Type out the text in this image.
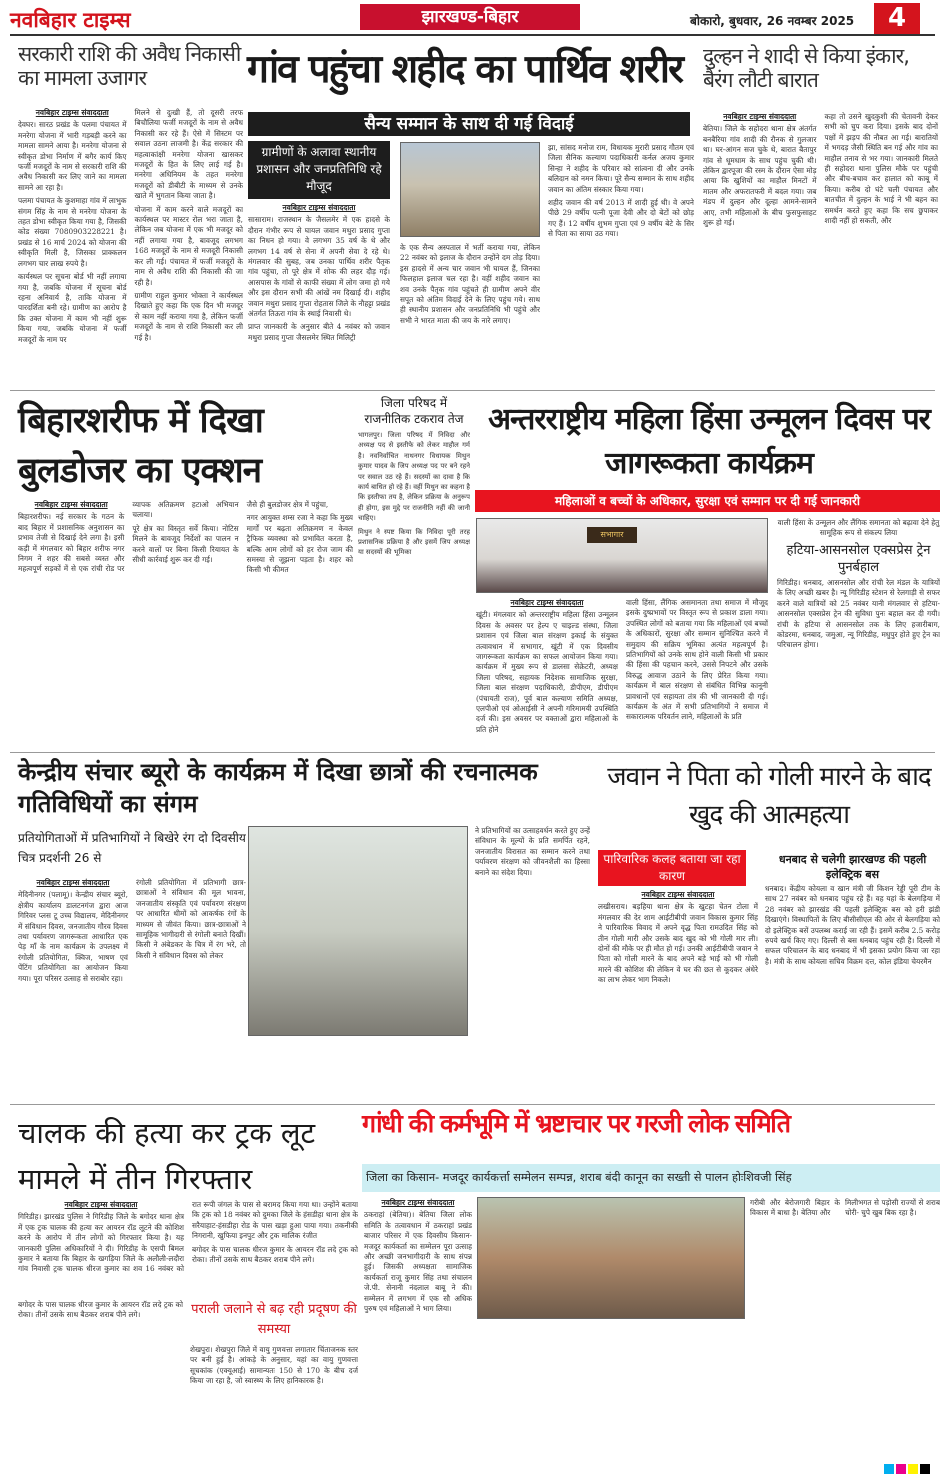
नवबिहार टाइम्स	झारखण्ड-बिहार	बोकारो, बुधवार, 26 नवम्बर 2025	4
सरकारी राशि की अवैध निकासी का मामला उजागर
नवबिहार टाइम्स संवाददाता

देवघर। सारठ प्रखंड के पलमा पंचायत में मनरेगा योजना में भारी गड़बड़ी करने का मामला सामने आया है। मनरेगा योजना से स्वीकृत डोभा निर्माण में बगैर कार्य किए फर्जी मजदूरों के नाम से सरकारी राशि की अवैध निकासी कर लिए जाने का मामला सामने आ रहा है।

पलमा पंचायत के कुशमाहा गांव में लाभुक संगम सिंह के नाम से मनरेगा योजना के तहत डोभा स्वीकृत किया गया है, जिसकी कोड संख्या 7080903228221 है। प्रखंड से 16 मार्च 2024 को योजना की स्वीकृति मिली है, जिसका प्राक्कलन लगभग चार लाख रुपये है।

कार्यस्थल पर सूचना बोर्ड भी नहीं लगाया गया है, जबकि योजना में सूचना बोर्ड रहना अनिवार्य है, ताकि योजना में पारदर्शिता बनी रहे। ग्रामीण का आरोप है कि उक्त योजना में काम भी नहीं शुरू किया गया, जबकि योजना में फर्जी मजदूरों के नाम पर

मिलने से दुःखी हैं, तो दूसरी तरफ बिचौलिया फर्जी मजदूरों के नाम से अवैध निकासी कर रहे हैं। ऐसे में सिस्टम पर सवाल उठना लाजमी है। केंद्र सरकार की महत्वाकांक्षी मनरेगा योजना खासकर मजदूरों के हित के लिए लाई गई है। मनरेगा अधिनियम के तहत मनरेगा मजदूरों को डीबीटी के माध्यम से उनके खाते में भुगतान किया जाता है।

योजना में काम करने वाले मजदूरों का कार्यस्थल पर मास्टर रोल भरा जाता है, लेकिन जब योजना में एक भी मजदूर को नहीं लगाया गया है, बावजूद लगभग 168 मजदूरों के नाम से मजदूरी निकासी कर ली गई। पंचायत में फर्जी मजदूरों के नाम से अवैध राशि की निकासी की जा रही है।

ग्रामीण राहुल कुमार भोक्ता ने कार्यस्थल दिखाते हुए कहा कि एक दिन भी मजदूर से काम नहीं कराया गया है, लेकिन फर्जी मजदूरों के नाम से राशि निकासी कर ली गई है।

गांव पहुंचा शहीद का पार्थिव शरीर
सैन्य सम्मान के साथ दी गई विदाई
ग्रामीणों के अलावा स्थानीय प्रशासन और जनप्रतिनिधि रहे मौजूद
नवबिहार टाइम्स संवाददाता

सासाराम। राजस्थान के जैसलमेर में एक हादसे के दौरान गंभीर रूप से घायल जवान मथुरा प्रसाद गुप्ता का निधन हो गया। वे लगभग 35 वर्ष के थे और लगभग 14 वर्ष से सेना में अपनी सेवा दे रहे थे। मंगलवार की सुबह, जब उनका पार्थिव शरीर पैतृक गांव पहुंचा, तो पूरे क्षेत्र में शोक की लहर दौड़ गई। आसपास के गांवों से काफी संख्या में लोग जमा हो गये और इस दौरान सभी की आंखें नम दिखाई दी। शहीद जवान मथुरा प्रसाद गुप्ता रोहतास जिले के नौहट्टा प्रखंड अंतर्गत तिऊरा गांव के स्थाई निवासी थे।

प्राप्त जानकारी के अनुसार बीते 4 नवंबर को जवान मथुरा प्रसाद गुप्ता जैसलमेर स्थित मिलिट्री

के एक सैन्य अस्पताल में भर्ती कराया गया, लेकिन 22 नवंबर को इलाज के दौरान उन्होंने दम तोड़ दिया। इस हादसे में अन्य चार जवान भी घायल हैं, जिनका फिलहाल इलाज चल रहा है। वहीं शहीद जवान का शव उनके पैतृक गांव पहुंचते ही ग्रामीण अपने वीर सपूत को अंतिम विदाई देने के लिए पहुंच गये। साथ ही स्थानीय प्रशासन और जनप्रतिनिधि भी पहुंचे और सभी ने भारत माता की जय के नारे लगाए।

झा, सांसद मनोज राम, विधायक मुरारी प्रसाद गौतम एवं जिला सैनिक कल्याण पदाधिकारी कर्नल अजय कुमार सिन्हा ने शहीद के परिवार को सांत्वना दी और उनके बलिदान को नमन किया। पूरे सैन्य सम्मान के साथ शहीद जवान का अंतिम संस्कार किया गया।

शहीद जवान की वर्ष 2013 में शादी हुई थी। वे अपने पीछे 29 वर्षीय पत्नी पूजा देवी और दो बेटों को छोड़ गए हैं। 12 वर्षीय शुभम गुप्ता एवं 9 वर्षीय बेटे के सिर से पिता का साया उठ गया।

दुल्हन ने शादी से किया इंकार, बैरंग लौटी बारात
नवबिहार टाइम्स संवाददाता

बेतिया। जिले के सहोदरा थाना क्षेत्र अंतर्गत बनबैरिया गांव शादी की रौनक से गुलजार था। घर-आंगन सज चुके थे, बारात बैतापुर गांव से धूमधाम के साथ पहुंच चुकी थी। लेकिन द्वारपूजा की रस्म के दौरान ऐसा मोड़ आया कि खुशियों का माहौल मिनटों में मातम और अफरातफरी में बदल गया। जब मंडप में दुल्हन और दूल्हा आमने-सामने आए, तभी महिलाओं के बीच फुसफुसाहट शुरू हो गई।

कहा तो उसने खुदकुशी की चेतावनी देकर सभी को चुप करा दिया। इसके बाद दोनों पक्षों में झड़प की नौबत आ गई। बारातियों में भगदड़ जैसी स्थिति बन गई और गांव का माहौल तनाव से भर गया। जानकारी मिलते ही सहोदरा थाना पुलिस मौके पर पहुंची और बीच-बचाव कर हालात को काबू में किया। करीब दो घंटे चली पंचायत और बातचीत में दुल्हन के भाई ने भी बहन का समर्थन करते हुए कहा कि सच छुपाकर शादी नहीं हो सकती, और

बिहारशरीफ में दिखा बुलडोजर का एक्शन
नवबिहार टाइम्स संवाददाता

बिहारशरीफ। नई सरकार के गठन के बाद बिहार में प्रशासनिक अनुशासन का प्रभाव तेजी से दिखाई देने लगा है। इसी कड़ी में मंगलवार को बिहार शरीफ नगर निगम ने शहर की सबसे व्यस्त और महत्वपूर्ण सड़कों में से एक रांची रोड पर व्यापक अतिक्रमण हटाओ अभियान चलाया।

पूरे क्षेत्र का विस्तृत सर्वे किया। नोटिस मिलने के बावजूद निर्देशों का पालन न करने वालों पर बिना किसी रियायत के सीधी कार्रवाई शुरू कर दी गई।

जैसे ही बुलडोजर क्षेत्र में पहुंचा,

नगर आयुक्त शम्स रजा ने कहा कि मुख्य मार्गों पर बढ़ता अतिक्रमण न केवल ट्रैफिक व्यवस्था को प्रभावित करता है, बल्कि आम लोगों को हर रोज जाम की समस्या से जूझना पड़ता है। शहर को किसी भी कीमत

जिला परिषद में राजनीतिक टकराव तेज

भागलपुर। जिला परिषद में निविदा और अध्यक्ष पद से इस्तीफे को लेकर माहौल गर्म है। नवनिर्वाचित नाथनगर विधायक मिथुन कुमार यादव के जिप अध्यक्ष पद पर बने रहने पर सवाल उठ रहे हैं। सदस्यों का दावा है कि कार्य बाधित हो रहे हैं। वहीं मिथुन का कहना है कि इस्तीफा तय है, लेकिन प्रक्रिया के अनुरूप ही होगा, इस मुद्दे पर राजनीति नहीं की जानी चाहिए।

मिथुन ने स्पष्ट किया कि निविदा पूरी तरह प्रशासनिक प्रक्रिया है और इसमें जिप अध्यक्ष या सदस्यों की भूमिका

अन्तरराष्ट्रीय महिला हिंसा उन्मूलन दिवस पर जागरूकता कार्यक्रम
महिलाओं व बच्चों के अधिकार, सुरक्षा एवं सम्मान पर दी गई जानकारी
सभागार
वाली हिंसा के उन्मूलन और लैंगिक समानता को बढ़ावा देने हेतु सामूहिक रूप से संकल्प लिया
हटिया-आसनसोल एक्सप्रेस ट्रेन पुनर्बहाल

गिरिडीह। धनबाद, आसनसोल और रांची रेल मंडल के यात्रियों के लिए अच्छी खबर है। न्यू गिरिडीह स्टेशन से रेलगाड़ी से सफर करने वाले यात्रियों को 25 नवंबर यानी मंगलवार से हटिया-आसनसोल एक्सप्रेस ट्रेन की सुविधा पुनः बहाल कर दी गयी। रांची के हटिया से आसनसोल तक के लिए हजारीबाग, कोडरमा, धनबाद, जमुआ, न्यू गिरिडीह, मधुपुर होते हुए ट्रेन का परिचालन होगा।

नवबिहार टाइम्स संवाददाता

खूंटी। मंगलवार को अन्तरराष्ट्रीय महिला हिंसा उन्मूलन दिवस के अवसर पर हेल्प ए चाइल्ड संस्था, जिला प्रशासन एवं जिला बाल संरक्षण इकाई के संयुक्त तत्वावधान में सभागार, खूंटी में एक दिवसीय जागरूकता कार्यक्रम का सफल आयोजन किया गया। कार्यक्रम में मुख्य रूप से डालसा सेक्रेटरी, अध्यक्ष जिला परिषद, सहायक निदेशक सामाजिक सुरक्षा, जिला बाल संरक्षण पदाधिकारी, डीपीएम, डीपीएम (पंचायती राज), पूर्व बाल कल्याण समिति अध्यक्ष, एलपीओ एवं ओआईसी ने अपनी गरिमामयी उपस्थिति दर्ज की। इस अवसर पर वक्ताओं द्वारा महिलाओं के प्रति होने

वाली हिंसा, लैंगिक असमानता तथा समाज में मौजूद इसके दुष्प्रभावों पर विस्तृत रूप से प्रकाश डाला गया। उपस्थित लोगों को बताया गया कि महिलाओं एवं बच्चों के अधिकारों, सुरक्षा और सम्मान सुनिश्चित करने में समुदाय की सक्रिय भूमिका अत्यंत महत्वपूर्ण है। प्रतिभागियों को उनके साथ होने वाली किसी भी प्रकार की हिंसा की पहचान करने, उससे निपटने और उसके विरुद्ध आवाज उठाने के लिए प्रेरित किया गया। कार्यक्रम में बाल संरक्षण से संबंधित विभिन्न कानूनी प्रावधानों एवं सहायता तंत्र की भी जानकारी दी गई। कार्यक्रम के अंत में सभी प्रतिभागियों ने समाज में सकारात्मक परिवर्तन लाने, महिलाओं के प्रति

केन्द्रीय संचार ब्यूरो के कार्यक्रम में दिखा छात्रों की रचनात्मक गतिविधियों का संगम
प्रतियोगिताओं में प्रतिभागियों ने बिखेरे रंग दो दिवसीय चित्र प्रदर्शनी 26 से
नवबिहार टाइम्स संवाददाता

मेदिनीनगर (पलामू)। केन्द्रीय संचार ब्यूरो, क्षेत्रीय कार्यालय डालटनगंज द्वारा आज गिरिवर प्लस टू उच्च विद्यालय, मेदिनीनगर में संविधान दिवस, जनजातीय गौरव दिवस तथा पर्यावरण जागरूकता आधारित एक पेड़ माँ के नाम कार्यक्रम के उपलक्ष्य में रंगोली प्रतियोगिता, क्विज, भाषण एवं पेंटिंग प्रतियोगिता का आयोजन किया गया। पूरा परिसर उत्साह से सराबोर रहा।

रंगोली प्रतियोगिता में प्रतिभागी छात्र-छात्राओं ने संविधान की मूल भावना, जनजातीय संस्कृति एवं पर्यावरण संरक्षण पर आधारित थीमों को आकर्षक रंगों के माध्यम से जीवंत किया। छात्र-छात्राओं ने सामूहिक भागीदारी से रंगोली बनाते दिखीं। किसी ने अंबेडकर के चित्र में रंग भरे, तो किसी ने संविधान दिवस को लेकर

ने प्रतिभागियों का उत्साहवर्धन करते हुए उन्हें संविधान के मूल्यों के प्रति समर्पित रहने, जनजातीय विरासत का सम्मान करने तथा पर्यावरण संरक्षण को जीवनशैली का हिस्सा बनाने का संदेश दिया।

जवान ने पिता को गोली मारने के बाद खुद की आत्महत्या
पारिवारिक कलह बताया जा रहा कारण
नवबिहार टाइम्स संवाददाता

लखीसराय। बड़हिया थाना क्षेत्र के खुटहा चेतन टोला में मंगलवार की देर शाम आईटीबीपी जवान विकास कुमार सिंह ने पारिवारिक विवाद में अपने वृद्ध पिता रामउदित सिंह को तीन गोली मारी और उसके बाद खुद को भी गोली मार ली। दोनों की मौके पर ही मौत हो गई। उनकी आईटीबीपी जवान ने पिता को गोली मारने के बाद अपने बड़े भाई को भी गोली मारने की कोशिश की लेकिन वे घर की छत से कूदकर अंधेरे का लाभ लेकर भाग निकले।

धनबाद से चलेगी झारखण्ड की पहली इलेक्ट्रिक बस

धनबाद। केंद्रीय कोयला व खान मंत्री जी किशन रेड्डी पूरी टीम के साथ 27 नवंबर को धनबाद पहुंच रहे हैं। वह यहां के बेलगड़िया में 28 नवंबर को झारखंड की पहली इलेक्ट्रिक बस को हरी झंडी दिखाएंगे। विस्थापितों के लिए बीसीसीएल की ओर से बेलगड़िया को दो इलेक्ट्रिक बसें उपलब्ध कराई जा रही हैं। इसमें करीब 2.5 करोड़ रुपये खर्च किए गए। दिल्ली से बस धनबाद पहुंच रही है। दिल्ली में सफल परिचालन के बाद धनबाद में भी इसका प्रयोग किया जा रहा है। मंत्री के साथ कोयला सचिव विक्रम दत्त, कोल इंडिया चेयरमैन

चालक की हत्या कर ट्रक लूट मामले में तीन गिरफ्तार
नवबिहार टाइम्स संवाददाता

गिरिडीह। झारखंड पुलिस ने गिरिडीह जिले के बगोदर थाना क्षेत्र में एक ट्रक चालक की हत्या कर आयरन रॉड लूटने की कोशिश करने के आरोप में तीन लोगों को गिरफ्तार किया है। यह जानकारी पुलिस अधिकारियों ने दी। गिरिडीह के एसपी बिमल कुमार ने बताया कि बिहार के खगड़िया जिले के अलौली-लदौरा गांव निवासी ट्रक चालक धीरज कुमार का शव 16 नवंबर को रात रूपी जंगल के पास से बरामद किया गया था। उन्होंने बताया कि ट्रक को 18 नवंबर को दुमका जिले के हंसडीहा थाना क्षेत्र के सरैयाहाट-हंसडीहा रोड के पास खड़ा हुआ पाया गया। तकनीकी निगरानी, खुफिया इनपुट और ट्रक मालिक रंजीत

बगोदर के पास चालक धीरज कुमार के आयरन रॉड लदे ट्रक को रोका। तीनों उसके साथ बैठकर शराब पीने लगे।

पराली जलाने से बढ़ रही प्रदूषण की समस्या

बगोदर के पास चालक धीरज कुमार के आयरन रॉड लदे ट्रक को रोका। तीनों उसके साथ बैठकर शराब पीने लगे।

शेखपुरा। शेखपुरा जिले में वायु गुणवत्ता लगातार चिंताजनक स्तर पर बनी हुई है। आंकड़े के अनुसार, यहां का वायु गुणवत्ता सूचकांक (एक्यूआई) सामान्यतः 150 से 170 के बीच दर्ज किया जा रहा है, जो स्वास्थ्य के लिए हानिकारक है।

गांधी की कर्मभूमि में भ्रष्टाचार पर गरजी लोक समिति
जिला का किसान- मजदूर कार्यकर्त्ता सम्मेलन सम्पन्न, शराब बंदी कानून का सख्ती से पालन होःशिवजी सिंह
नवबिहार टाइम्स संवाददाता

ठकराहां (बेतिया)। बेतिया जिला लोक समिति के तत्वावधान में ठकराहां प्रखंड बाजार परिसर में एक दिवसीय किसान- मजदूर कार्यकर्ता का सम्मेलन पूरा उत्साह और अच्छी जनभागीदारी के साथ संपन्न हुई। जिसकी अध्यक्षता सामाजिक कार्यकर्ता राजू कुमार सिंह तथा संचालन जे.पी. सेनानी नंदलाल बाबू ने की। सम्मेलन में लगभग में एक सौ अधिक पुरुष एवं महिलाओं ने भाग लिया।

गरीबी और बेरोजगारी बिहार के विकास में बाधा है। बेतिया और

मिलीभगत से पड़ोसी राज्यों से शराब चोरी- चुपे खुब बिक रहा है।
